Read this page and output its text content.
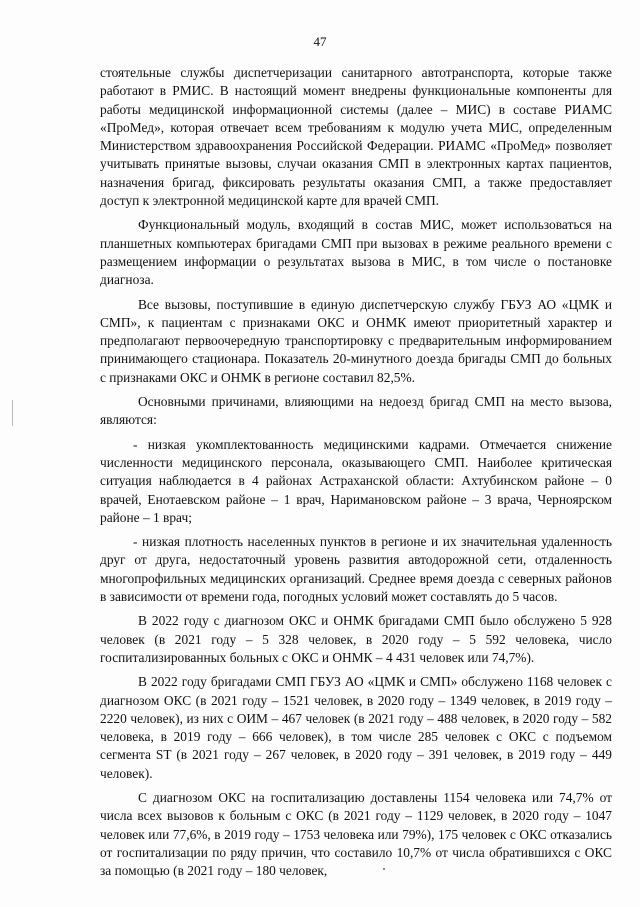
47

стоятельные службы диспетчеризации санитарного автотранспорта, которые также работают в РМИС. В настоящий момент внедрены функциональные компоненты для работы медицинской информационной системы (далее – МИС) в составе РИАМС «ПроМед», которая отвечает всем требованиям к модулю учета МИС, определенным Министерством здравоохранения Российской Федерации. РИАМС «ПроМед» позволяет учитывать принятые вызовы, случаи оказания СМП в электронных картах пациентов, назначения бригад, фиксировать результаты оказания СМП, а также предоставляет доступ к электронной медицинской карте для врачей СМП.

Функциональный модуль, входящий в состав МИС, может использоваться на планшетных компьютерах бригадами СМП при вызовах в режиме реального времени с размещением информации о результатах вызова в МИС, в том числе о постановке диагноза.

Все вызовы, поступившие в единую диспетчерскую службу ГБУЗ АО «ЦМК и СМП», к пациентам с признаками ОКС и ОНМК имеют приоритетный характер и предполагают первоочередную транспортировку с предварительным информированием принимающего стационара. Показатель 20-минутного доезда бригады СМП до больных с признаками ОКС и ОНМК в регионе составил 82,5%.

Основными причинами, влияющими на недоезд бригад СМП на место вызова, являются:

- низкая укомплектованность медицинскими кадрами. Отмечается снижение численности медицинского персонала, оказывающего СМП. Наиболее критическая ситуация наблюдается в 4 районах Астраханской области: Ахтубинском районе – 0 врачей, Енотаевском районе – 1 врач, Наримановском районе – 3 врача, Черноярском районе – 1 врач;

- низкая плотность населенных пунктов в регионе и их значительная удаленность друг от друга, недостаточный уровень развития автодорожной сети, отдаленность многопрофильных медицинских организаций. Среднее время доезда с северных районов в зависимости от времени года, погодных условий может составлять до 5 часов.

В 2022 году с диагнозом ОКС и ОНМК бригадами СМП было обслужено 5 928 человек (в 2021 году – 5 328 человек, в 2020 году – 5 592 человека, число госпитализированных больных с ОКС и ОНМК – 4 431 человек или 74,7%).

В 2022 году бригадами СМП ГБУЗ АО «ЦМК и СМП» обслужено 1168 человек с диагнозом ОКС (в 2021 году – 1521 человек, в 2020 году – 1349 человек, в 2019 году – 2220 человек), из них с ОИМ – 467 человек (в 2021 году – 488 человек, в 2020 году – 582 человека, в 2019 году – 666 человек), в том числе 285 человек с ОКС с подъемом сегмента ST (в 2021 году – 267 человек, в 2020 году – 391 человек, в 2019 году – 449 человек).

С диагнозом ОКС на госпитализацию доставлены 1154 человека или 74,7% от числа всех вызовов к больным с ОКС (в 2021 году – 1129 человек, в 2020 году – 1047 человек или 77,6%, в 2019 году – 1753 человека или 79%), 175 человек с ОКС отказались от госпитализации по ряду причин, что составило 10,7% от числа обратившихся с ОКС за помощью (в 2021 году – 180 человек,
